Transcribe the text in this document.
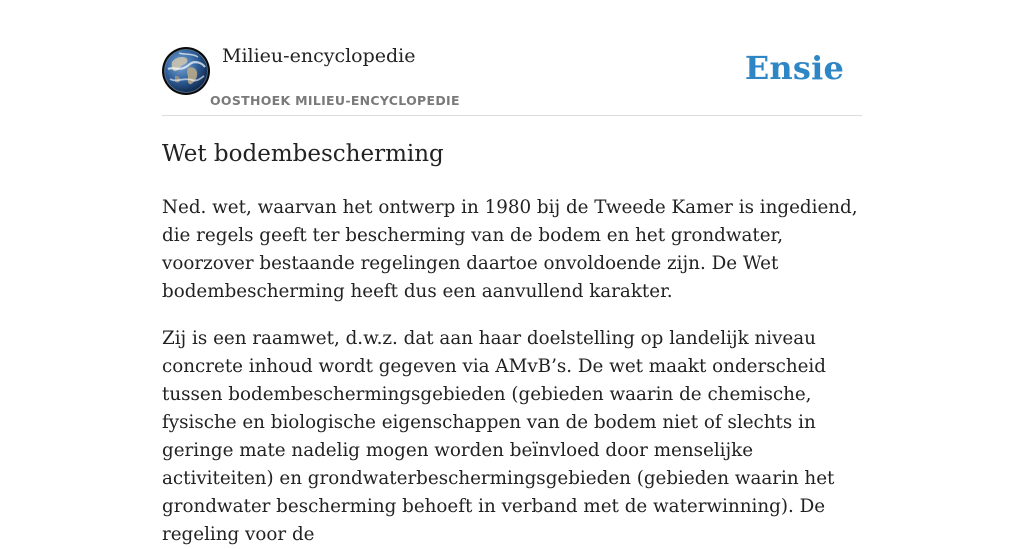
Milieu-encyclopedie
OOSTHOEK MILIEU-ENCYCLOPEDIE
Ensie
Wet bodembescherming

Ned. wet, waarvan het ontwerp in 1980 bij de Tweede Kamer is ingediend, die regels geeft ter bescherming van de bodem en het grondwater, voorzover bestaande regelingen daartoe onvoldoende zijn. De Wet bodembescherming heeft dus een aanvullend karakter.

Zij is een raamwet, d.w.z. dat aan haar doelstelling op landelijk niveau concrete inhoud wordt gegeven via AMvB’s. De wet maakt onderscheid tussen bodembeschermingsgebieden (gebieden waarin de chemische, fysische en biologische eigenschappen van de bodem niet of slechts in geringe mate nadelig mogen worden beïnvloed door menselijke activiteiten) en grondwaterbeschermingsgebieden (gebieden waarin het grondwater bescherming behoeft in verband met de waterwinning). De regeling voor de
